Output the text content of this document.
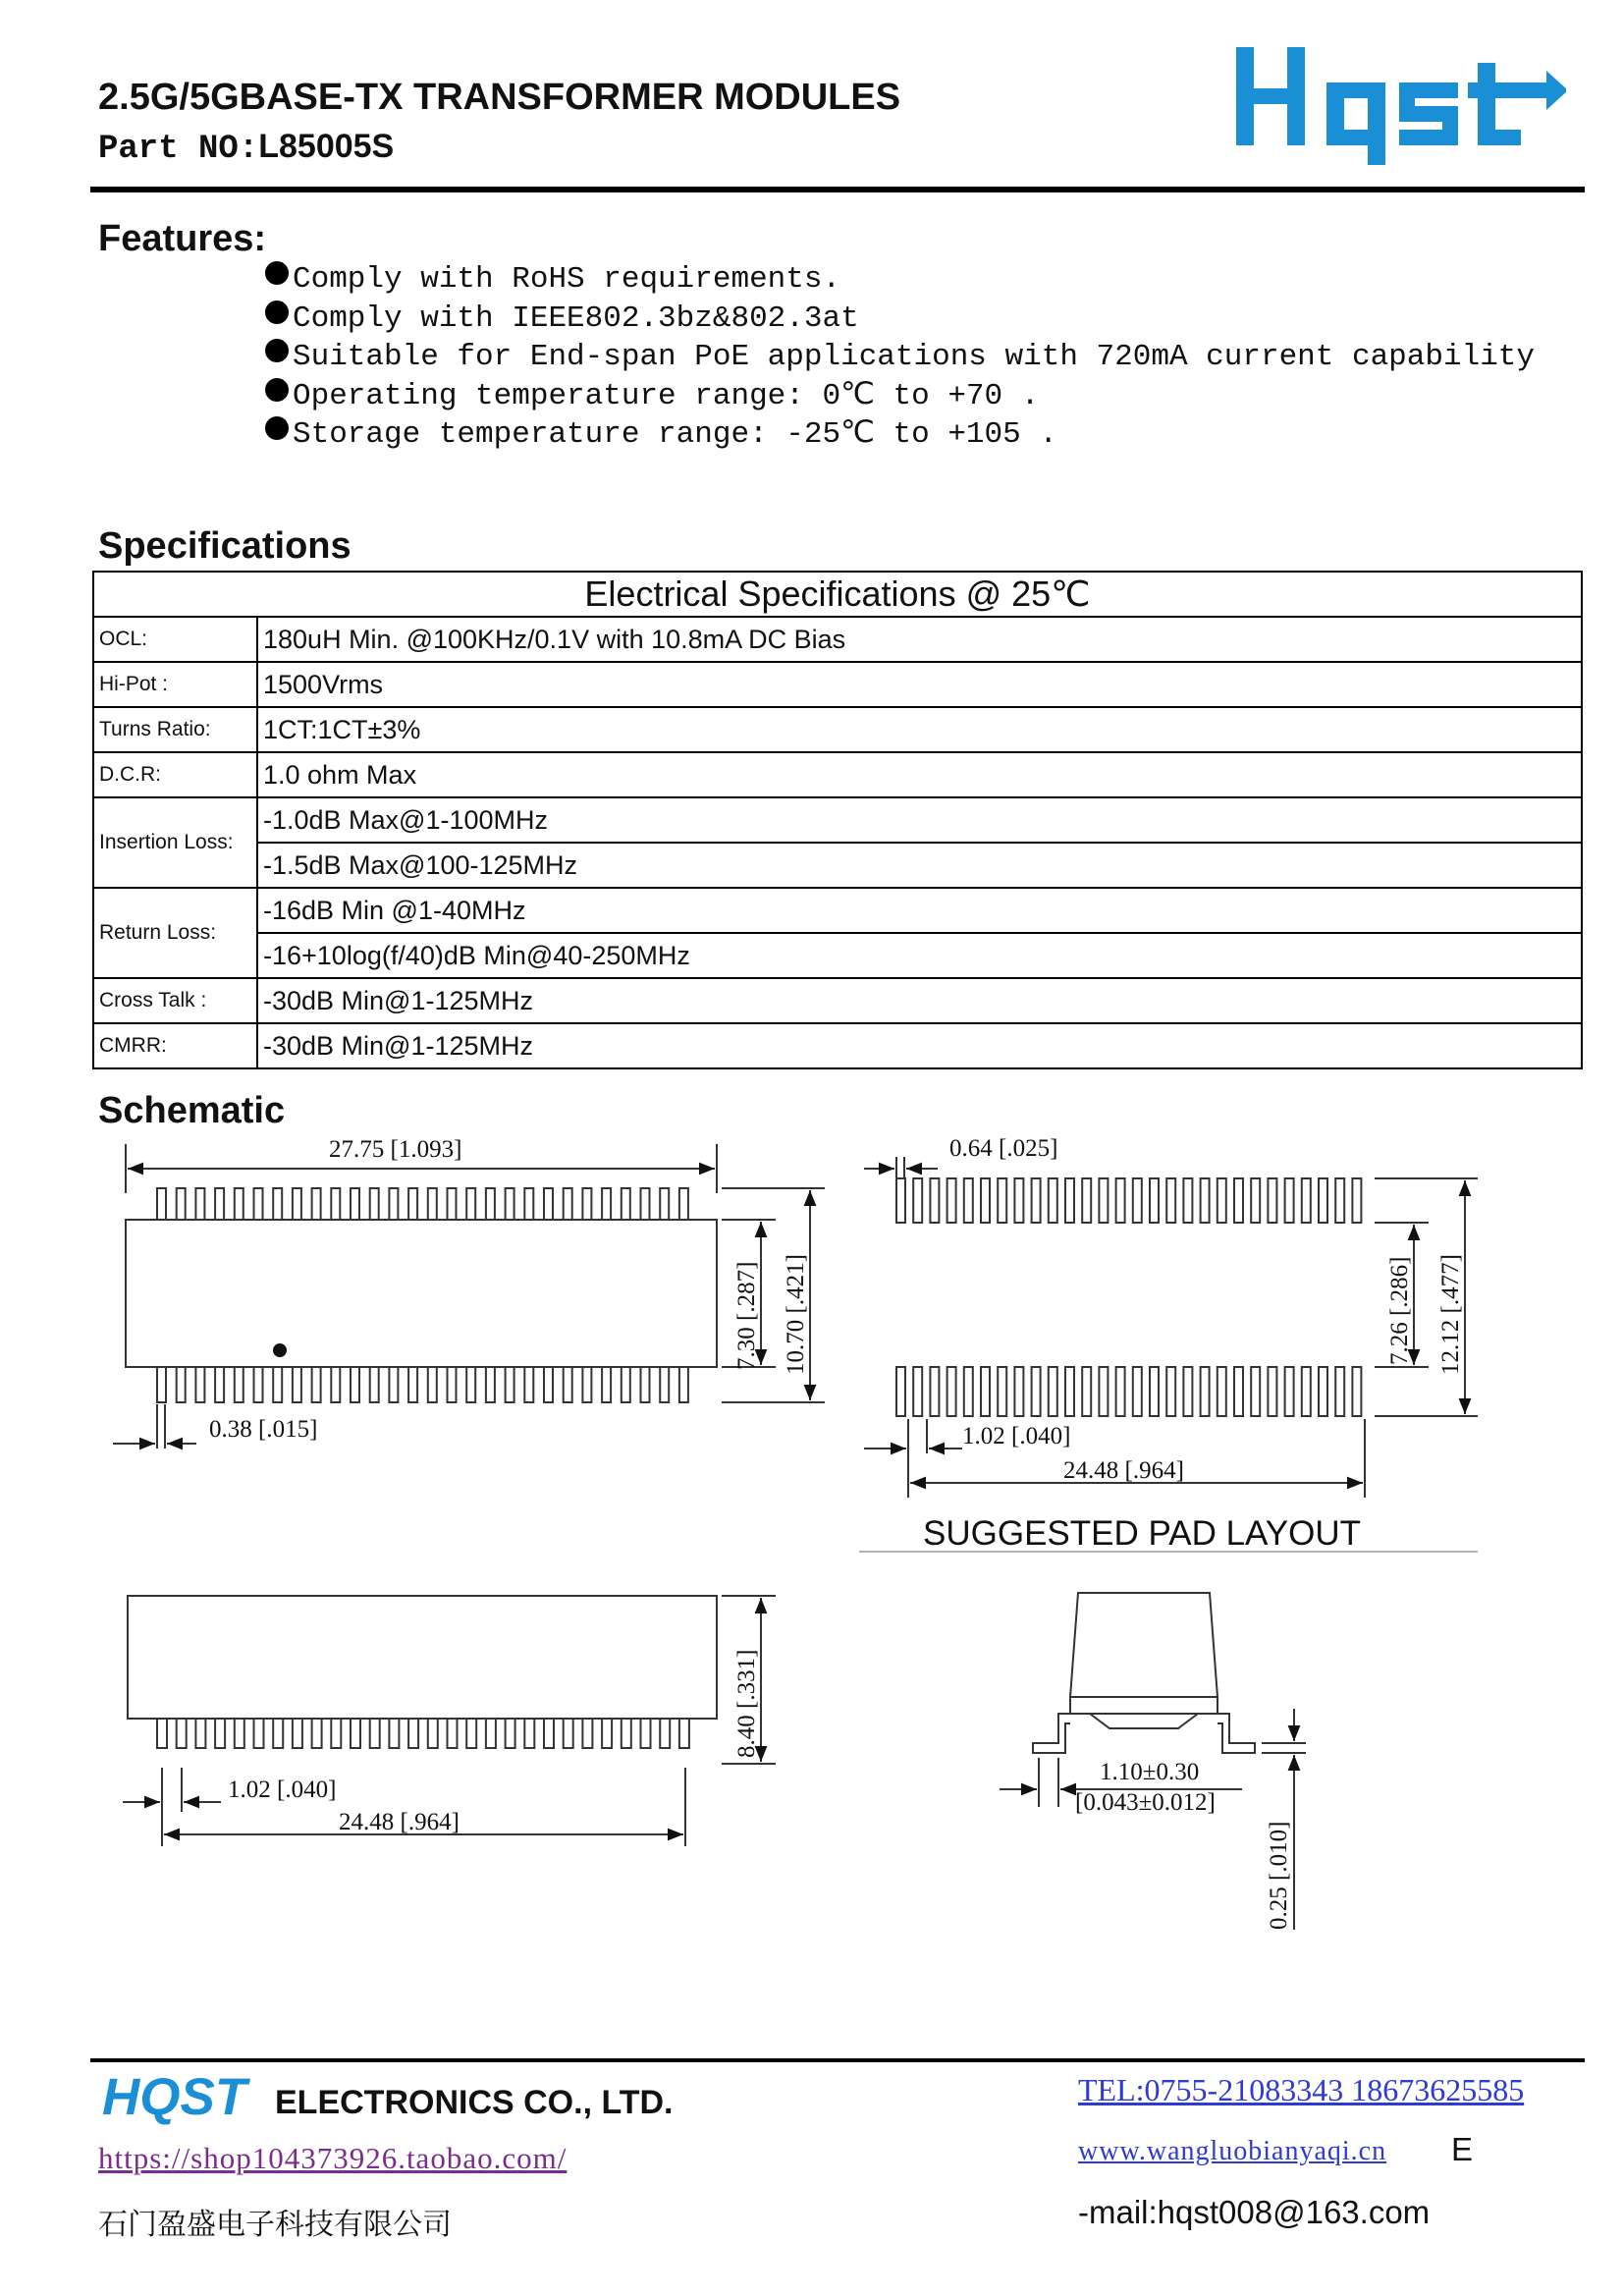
2.5G/5GBASE-TX TRANSFORMER MODULES
Part NO:L85005S
Features:
Comply with RoHS requirements.
Comply with IEEE802.3bz&802.3at
Suitable for End-span PoE applications with 720mA current capability
Operating temperature range: 0℃ to +70 .
Storage temperature range: -25℃ to +105 .
Specifications
Electrical Specifications @ 25℃	
OCL:	180uH Min. @100KHz/0.1V with 10.8mA DC Bias
Hi-Pot :	1500Vrms
Turns Ratio:	1CT:1CT±3%
D.C.R:	1.0 ohm Max
Insertion Loss:	-1.0dB Max@1-100MHz
	-1.5dB Max@100-125MHz
Return Loss:	-16dB Min @1-40MHz
	-16+10log(f/40)dB Min@40-250MHz
Cross Talk :	-30dB Min@1-125MHz
CMRR:	-30dB Min@1-125MHz
Schematic
27.75 [1.093]
7.30 [.287] 10.70 [.421]
0.38 [.015]
0.64 [.025]
7.26 [.286] 12.12 [.477]
1.02 [.040]
24.48 [.964]
SUGGESTED PAD LAYOUT
8.40 [.331]
1.02 [.040]
24.48 [.964]
1.10±0.30
[0.043±0.012]
0.25 [.010]
HQST ELECTRONICS CO., LTD.
https://shop104373926.taobao.com/
石门盈盛电子科技有限公司
TEL:0755-21083343 18673625585
www.wangluobianyaqi.cn E
-mail:hqst008@163.com
